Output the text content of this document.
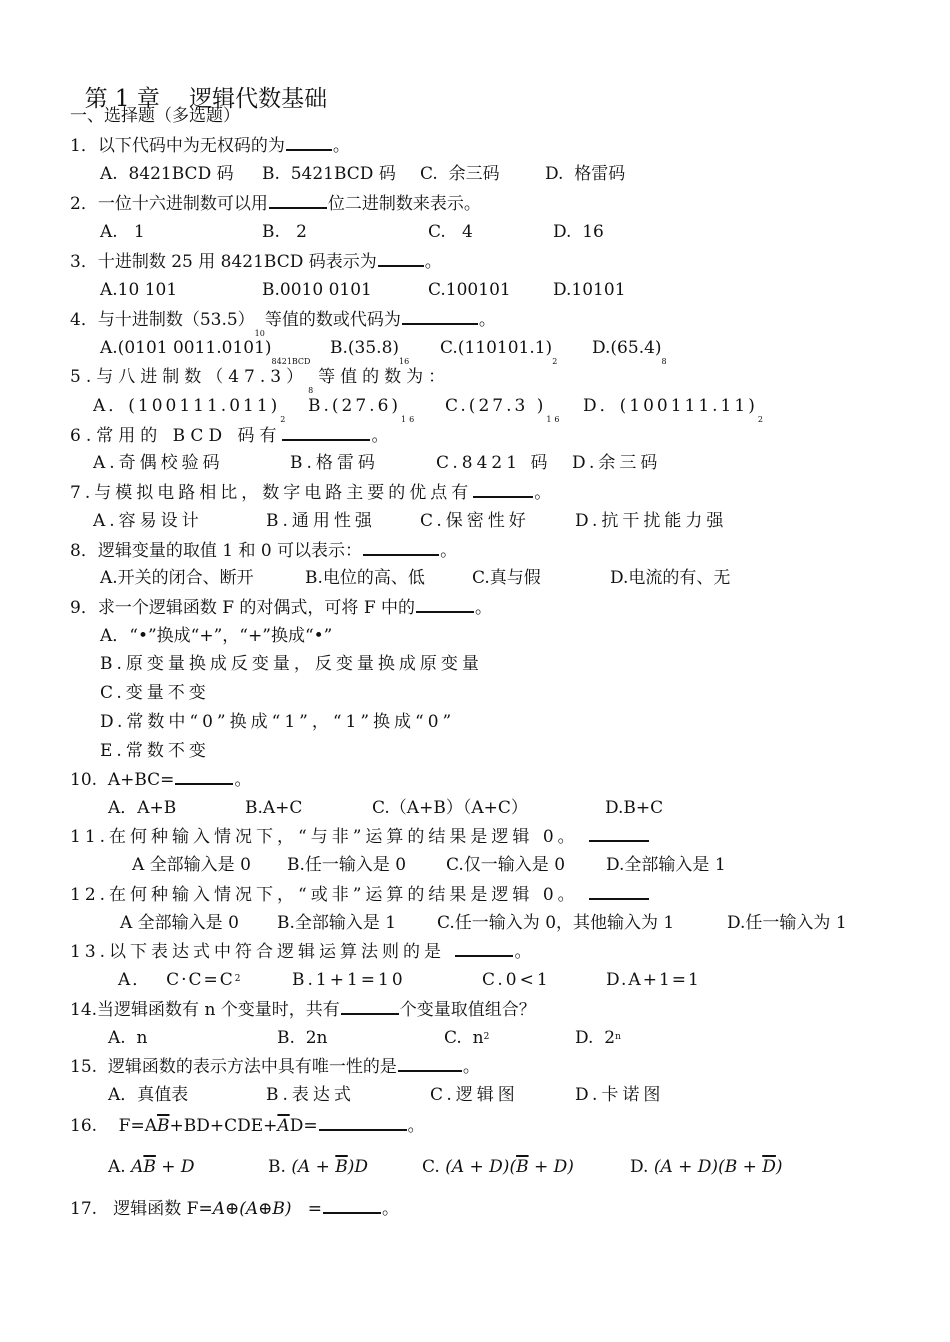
第 1 章 逻辑代数基础

一、选择题（多选题）
1．以下代码中为无权码的为	。
A.  8421BCD 码 B.  5421BCD 码 C.  余三码	D.  格雷码
2．一位十六进制数可以用	位二进制数来表示。
A.   1	B.   2	C.   4	D.  16
3．十进制数 25 用 8421BCD 码表示为	。
A.10 101	B.0010 0101	C.100101 D.10101
4．与十进制数$(53.5)_{10}$等值的数或代码为	。
A.(0101 $0011.0101)_{8421BCD}$
$B.(35.8)_{16}$
$C.(110101.1)_2$
$D.(65.4)_8$
5.与八进制数$(47.3)_8$等值的数为：
A．$(100111.011)_2$
$B.(27.6)_{16}$
C.(27.3 )$_{16}$
D．$(100111.11)_2$
6.常用的 BCD 码有	。
A.奇偶校验码	B.格雷码	C.8421 码 D.余三码
7.与模拟电路相比，数字电路主要的优点有	。
A.容易设计	B.通用性强	C.保密性好	D.抗干扰能力强
8．逻辑变量的取值 1 和 0 可以表示：	。
A.开关的闭合、断开	B.电位的高、低	C.真与假	D.电流的有、无
9．求一个逻辑函数 F 的对偶式，可将 F 中的	。
A．“•”换成“+”，“+”换成“•”
B.原变量换成反变量，反变量换成原变量
C.变量不变
D.常数中“0”换成“1”，“1”换成“0”
E.常数不变
10.  A+BC=	。
A．A+B	B.A+C	C.（A+B）（A+C）	D.B+C
11.在何种输入情况下，“与非”运算的结果是逻辑 0。
A 全部输入是 0 B.任一输入是 0 C.仅一输入是 0 D.全部输入是 1
12.在何种输入情况下，“或非”运算的结果是逻辑 0。
A 全部输入是 0 B.全部输入是 1 C.任一输入为 0，其他输入为 1	D.任一输入为 1
13.以下表达式中符合逻辑运算法则的是	。
A．  $C\cdot C=C^2$	B.1+1=10	C.0<1	D.A+1=1
14.当逻辑函数有 n 个变量时，共有	个变量取值组合？
A.  n	B.  2n	C.  $n^2$	D.  2$^n$
15.  逻辑函数的表示方法中具有唯一性的是	。
A．真值表	B.表达式	C.逻辑图	D.卡诺图
16. $F=A\overline{B}+BD+CDE+\overline{A}D=$	。
A. $A\overline{B} + D$	B. $(A + \overline{B})D$	C. $(A + D)(\overline{B} + D)$	D. $(A + D)(B + \overline{D})$
17. 逻辑函数 F=A⊕(A⊕B) =	。
